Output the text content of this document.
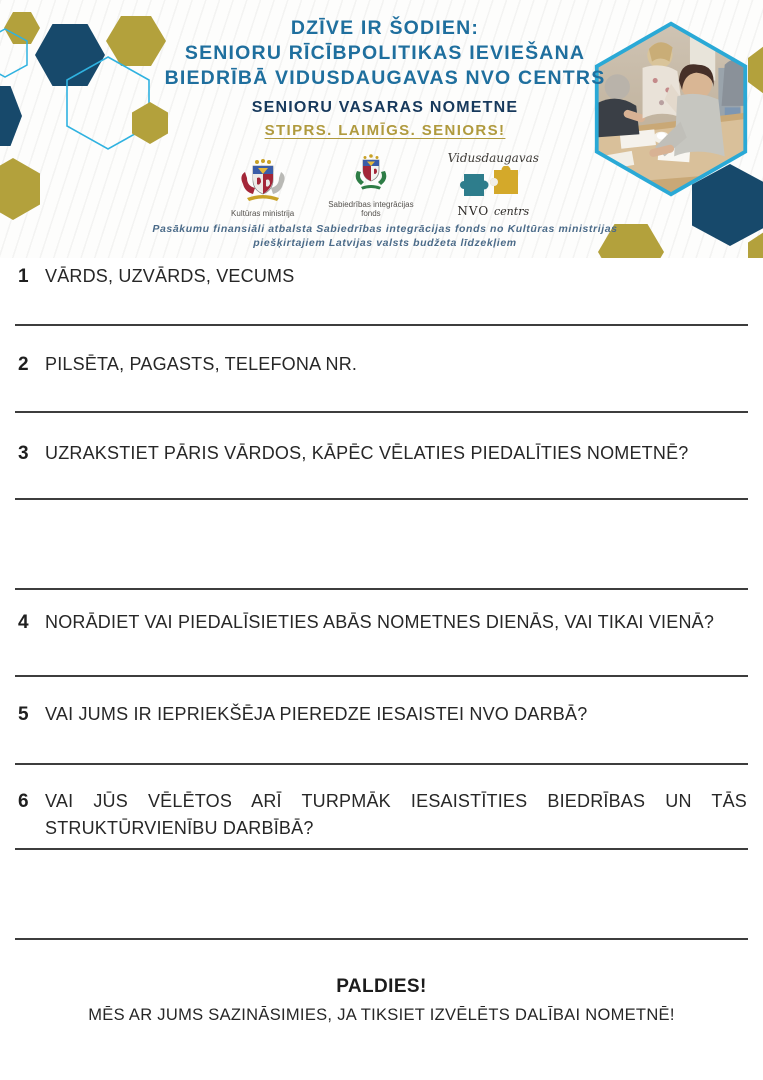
DZĪVE IR ŠODIEN:
SENIORU RĪCĪBPOLITIKAS IEVIEŠANA
BIEDRĪBĀ VIDUSDAUGAVAS NVO CENTRS
SENIORU VASARAS NOMETNE
STIPRS. LAIMĪGS. SENIORS!
Kultūras ministrija
Sabiedrības integrācijas
fonds
Vidusdaugavas
NVO centrs
Pasākumu finansiāli atbalsta Sabiedrības integrācijas fonds no Kultūras ministrijas
piešķirtajiem Latvijas valsts budžeta līdzekļiem
1 VĀRDS, UZVĀRDS, VECUMS
2 PILSĒTA, PAGASTS, TELEFONA NR.
3 UZRAKSTIET PĀRIS VĀRDOS, KĀPĒC VĒLATIES PIEDALĪTIES NOMETNĒ?
4 NORĀDIET VAI PIEDALĪSIETIES ABĀS NOMETNES DIENĀS, VAI TIKAI VIENĀ?
5 VAI JUMS IR IEPRIEKŠĒJA PIEREDZE IESAISTEI NVO DARBĀ?
6 VAI JŪS VĒLĒTOS ARĪ TURPMĀK IESAISTĪTIES BIEDRĪBAS UN TĀS STRUKTŪRVIENĪBU DARBĪBĀ?
PALDIES!
MĒS AR JUMS SAZINĀSIMIES, JA TIKSIET IZVĒLĒTS DALĪBAI NOMETNĒ!
